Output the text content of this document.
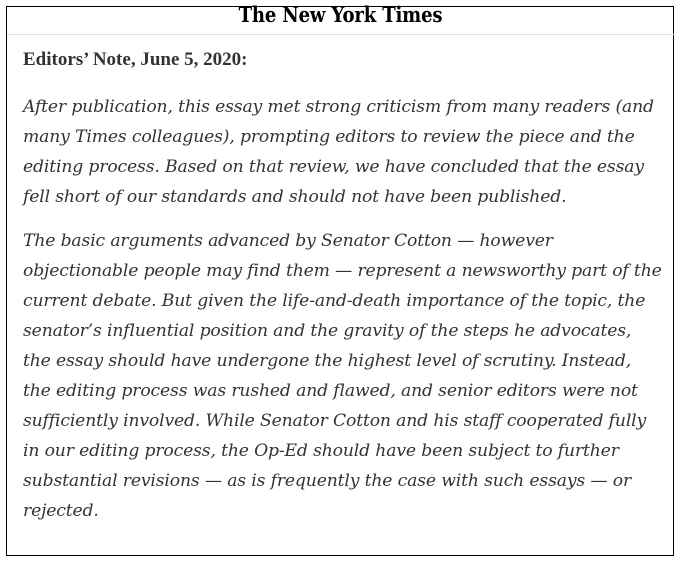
The New York Times
Editors’ Note, June 5, 2020:

After publication, this essay met strong criticism from many readers (and many Times colleagues), prompting editors to review the piece and the editing process. Based on that review, we have concluded that the essay fell short of our standards and should not have been published.

The basic arguments advanced by Senator Cotton — however objectionable people may find them — represent a newsworthy part of the current debate. But given the life-and-death importance of the topic, the senator’s influential position and the gravity of the steps he advocates, the essay should have undergone the highest level of scrutiny. Instead, the editing process was rushed and flawed, and senior editors were not sufficiently involved. While Senator Cotton and his staff cooperated fully in our editing process, the Op-Ed should have been subject to further substantial revisions — as is frequently the case with such essays — or rejected.
